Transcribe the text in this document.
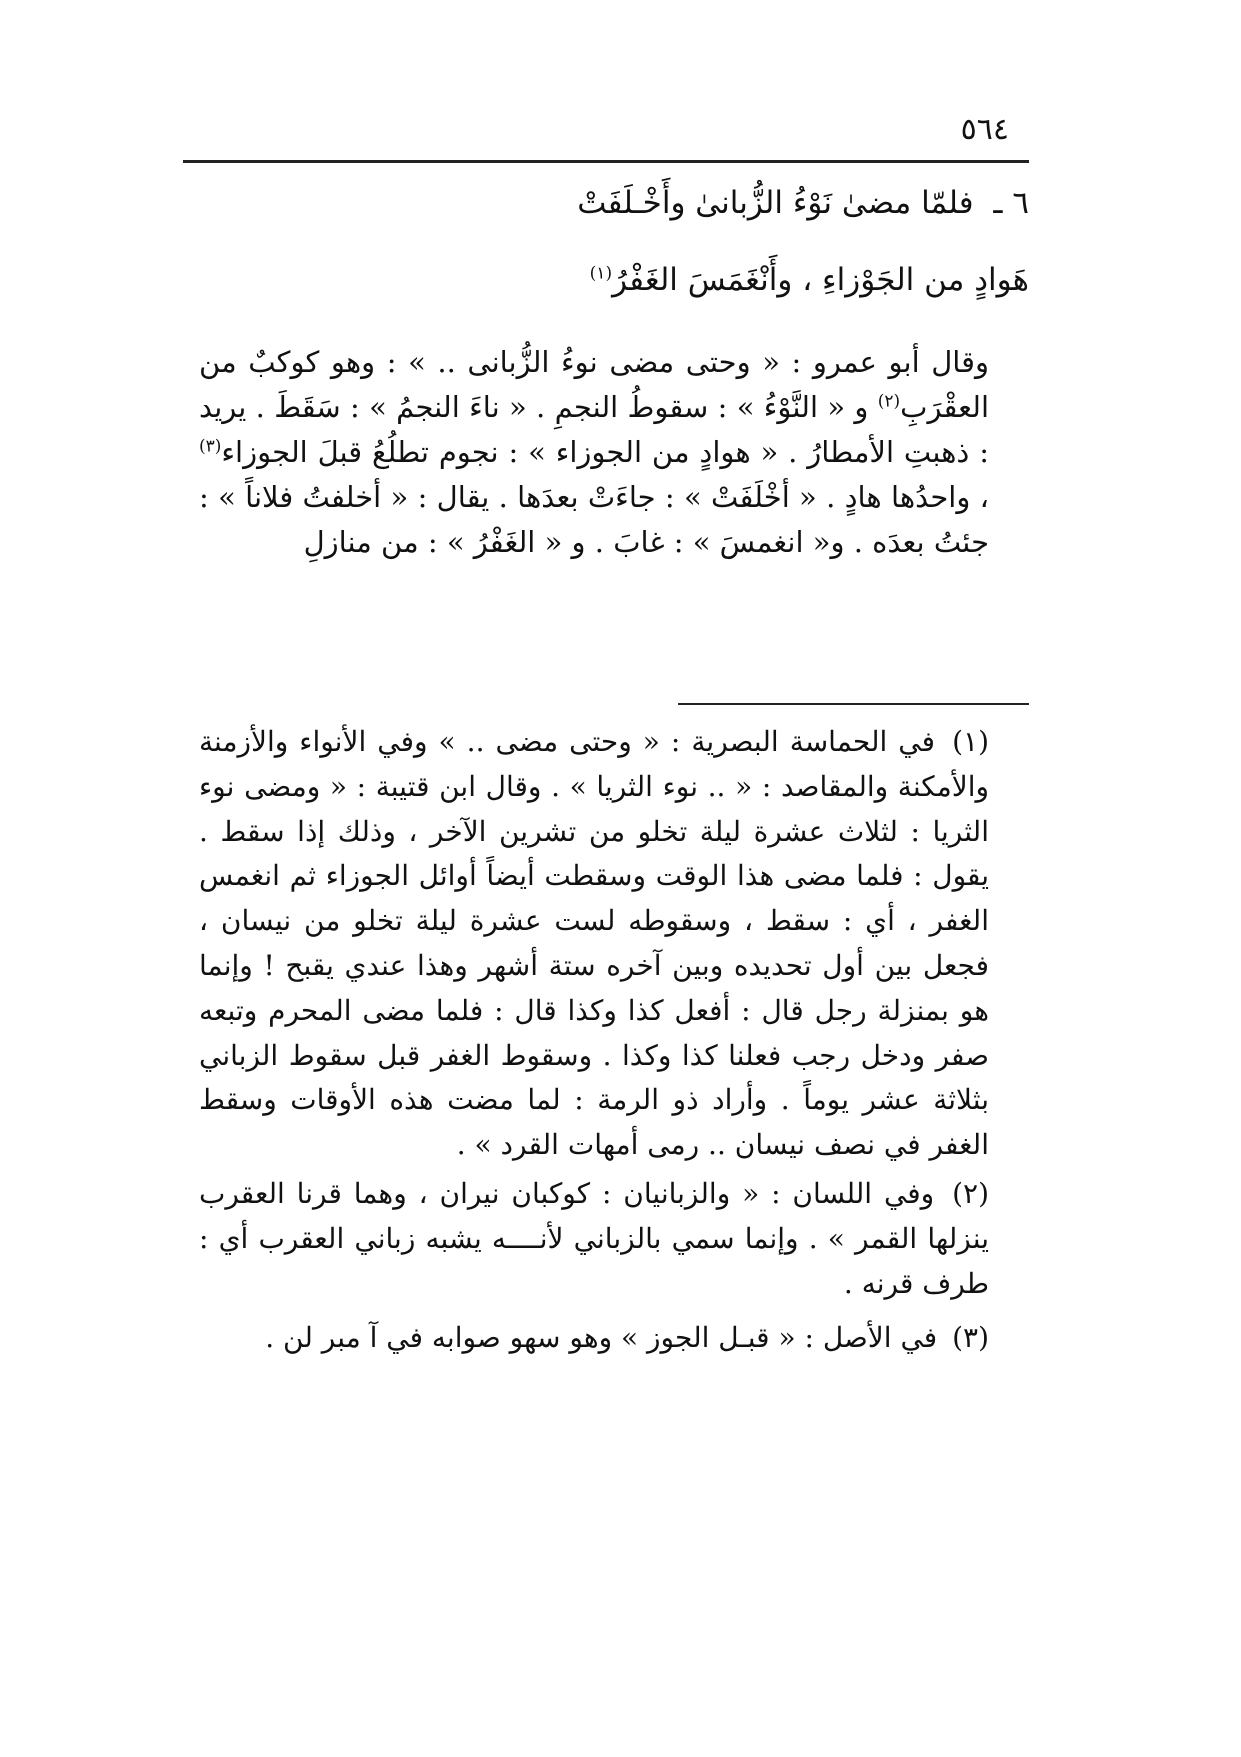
٥٦٤
٦ ـ فلمّا مضىٰ نَوْءُ الزُّبانىٰ وأَخْـلَفَتْ
هَوادٍ من الجَوْزاءِ ، وأَنْغَمَسَ الغَفْرُ$^{(١)}$

وقال أبو عمرو : « وحتى مضى نوءُ الزُّبانى .. » : وهو كوكبٌ من العقْرَبِ$^{(٢)}$ و « النَّوْءُ » : سقوطُ النجمِ . « ناءَ النجمُ » : سَقَطَ . يريد : ذهبتِ الأمطارُ . « هوادٍ من الجوزاء » : نجوم تطلُعُ قبلَ الجوزاء$^{(٣)}$ ، واحدُها هادٍ . « أخْلَفَتْ » : جاءَتْ بعدَها . يقال : « أخلفتُ فلاناً » : جئتُ بعدَه . و« انغمسَ » : غابَ . و « الغَفْرُ » : من منازلِ

(١) في الحماسة البصرية : « وحتى مضى .. » وفي الأنواء والأزمنة والأمكنة والمقاصد : « .. نوء الثريا » . وقال ابن قتيبة : « ومضى نوء الثريا : لثلاث عشرة ليلة تخلو من تشرين الآخر ، وذلك إذا سقط . يقول : فلما مضى هذا الوقت وسقطت أيضاً أوائل الجوزاء ثم انغمس الغفر ، أي : سقط ، وسقوطه لست عشرة ليلة تخلو من نيسان ، فجعل بين أول تحديده وبين آخره ستة أشهر وهذا عندي يقبح ! وإنما هو بمنزلة رجل قال : أفعل كذا وكذا قال : فلما مضى المحرم وتبعه صفر ودخل رجب فعلنا كذا وكذا . وسقوط الغفر قبل سقوط الزباني بثلاثة عشر يوماً . وأراد ذو الرمة : لما مضت هذه الأوقات وسقط الغفر في نصف نيسان .. رمى أمهات القرد » .

(٢) وفي اللسان : « والزبانيان : كوكبان نيران ، وهما قرنا العقرب ينزلها القمر » . وإنما سمي بالزباني لأنــــه يشبه زباني العقرب أي : طرف قرنه .

(٣) في الأصل : « قبـل الجوز » وهو سهو صوابه في آ مبر لن .
